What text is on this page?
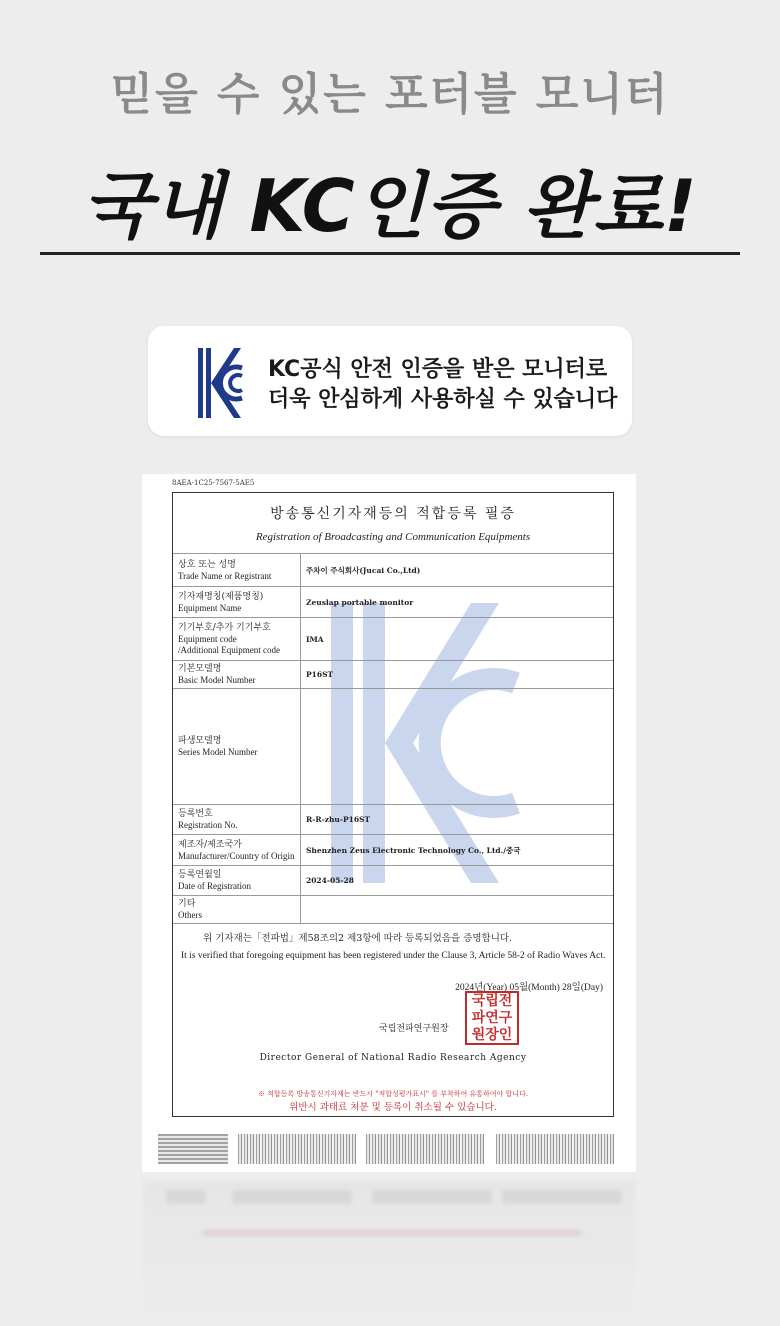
믿을 수 있는 포터블 모니터
국내 KC인증 완료!
KC공식 안전 인증을 받은 모니터로
더욱 안심하게 사용하실 수 있습니다
8AEA-1C25-7567-5AE5
방송통신기자재등의 적합등록 필증
Registration of Broadcasting and Communication Equipments
상호 또는 성명
Trade Name or Registrant	주차이 주식회사(Jucai Co.,Ltd)
기자재명칭(제품명칭)
Equipment Name	Zeuslap portable monitor
기기부호/추가 기기부호
Equipment code
/Additional Equipment code	IMA
기본모델명
Basic Model Number	P16ST
파생모델명
Series Model Number	
등록번호
Registration No.	R-R-zhu-P16ST
제조자/제조국가
Manufacturer/Country of Origin	Shenzhen Zeus Electronic Technology Co., Ltd./중국
등록연월일
Date of Registration	2024-05-28
기타
Others	
위 기자재는「전파법」제58조의2 제3항에 따라 등록되었음을 증명합니다.
It is verified that foregoing equipment has been registered under the Clause 3, Article 58-2 of Radio Waves Act.
2024년(Year) 05월(Month) 28일(Day)
국립전파연구원장
국립전
파연구
원장인
Director General of National Radio Research Agency
※ 적합등록 방송통신기자재는 반드시 "적합성평가표시" 를 부착하여 유통하여야 합니다.
위반시 과태료 처분 및 등록이 취소될 수 있습니다.
